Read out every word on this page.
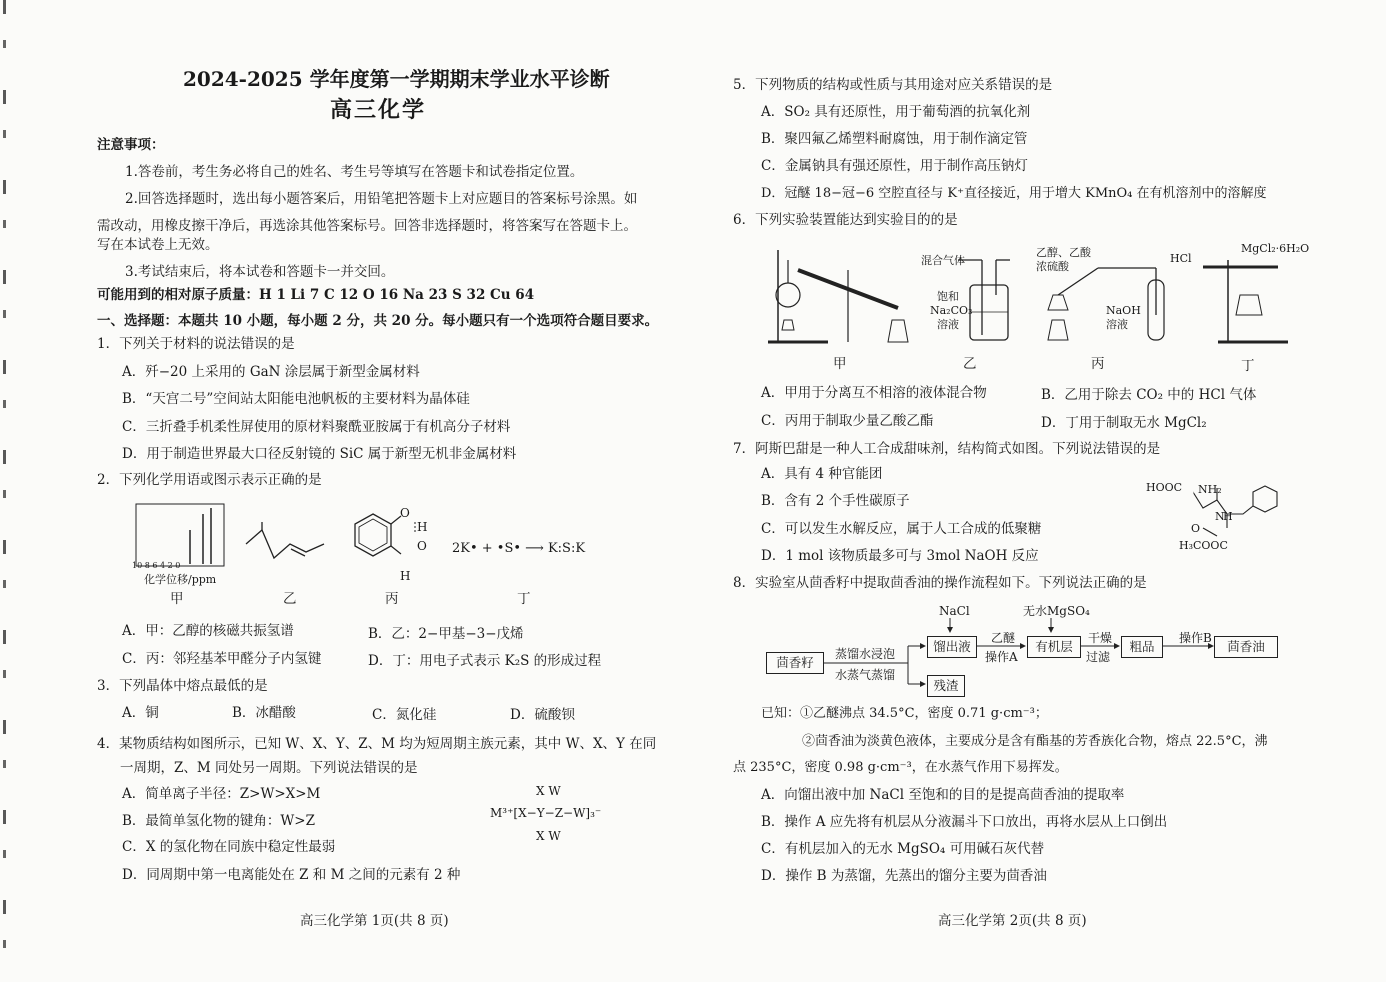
2024-2025 学年度第一学期期末学业水平诊断
高三化学
注意事项：
1.答卷前，考生务必将自己的姓名、考生号等填写在答题卡和试卷指定位置。
2.回答选择题时，选出每小题答案后，用铅笔把答题卡上对应题目的答案标号涂黑。如
需改动，用橡皮擦干净后，再选涂其他答案标号。回答非选择题时，将答案写在答题卡上。
写在本试卷上无效。
3.考试结束后，将本试卷和答题卡一并交回。
可能用到的相对原子质量：H 1 Li 7 C 12 O 16 Na 23 S 32 Cu 64
一、选择题：本题共 10 小题，每小题 2 分，共 20 分。每小题只有一个选项符合题目要求。
1．下列关于材料的说法错误的是
A．歼−20 上采用的 GaN 涂层属于新型金属材料
B．“天宫二号”空间站太阳能电池帆板的主要材料为晶体硅
C．三折叠手机柔性屏使用的原材料聚酰亚胺属于有机高分子材料
D．用于制造世界最大口径反射镜的 SiC 属于新型无机非金属材料
2．下列化学用语或图示表示正确的是
10 8 6 4 2 0
化学位移/ppm
O
H
O
H
2K• + •S• ⟶ K:S:K
甲	乙	丙	丁
A．甲：乙醇的核磁共振氢谱	B．乙：2−甲基−3−戊烯
C．丙：邻羟基苯甲醛分子内氢键	D．丁：用电子式表示 K₂S 的形成过程
3．下列晶体中熔点最低的是
A．铜	B．冰醋酸	C．氮化硅	D．硫酸钡
4．某物质结构如图所示，已知 W、X、Y、Z、M 均为短周期主族元素，其中 W、X、Y 在同
一周期，Z、M 同处另一周期。下列说法错误的是
A．简单离子半径：Z>W>X>M
B．最简单氢化物的键角：W>Z
C．X 的氢化物在同族中稳定性最弱
D．同周期中第一电离能处在 Z 和 M 之间的元素有 2 种
X W
M³⁺[X−Y−Z−W]₃⁻
X W
高三化学第 1页(共 8 页)
5．下列物质的结构或性质与其用途对应关系错误的是
A．SO₂ 具有还原性，用于葡萄酒的抗氧化剂
B．聚四氟乙烯塑料耐腐蚀，用于制作滴定管
C．金属钠具有强还原性，用于制作高压钠灯
D．冠醚 18−冠−6 空腔直径与 K⁺直径接近，用于增大 KMnO₄ 在有机溶剂中的溶解度
6．下列实验装置能达到实验目的的是
混合气体
饱和
Na₂CO₃
溶液
乙醇、乙酸
浓硫酸
NaOH
溶液
HCl
MgCl₂·6H₂O
甲	乙	丙	丁
A．甲用于分离互不相溶的液体混合物	B．乙用于除去 CO₂ 中的 HCl 气体
C．丙用于制取少量乙酸乙酯	D．丁用于制取无水 MgCl₂
7．阿斯巴甜是一种人工合成甜味剂，结构简式如图。下列说法错误的是
A．具有 4 种官能团
B．含有 2 个手性碳原子
C．可以发生水解反应，属于人工合成的低聚糖
D．1 mol 该物质最多可与 3mol NaOH 反应
HOOC NH₂
O
N
H
H₃COOC
8．实验室从茴香籽中提取茴香油的操作流程如下。下列说法正确的是
茴香籽
蒸馏水浸泡
水蒸气蒸馏
NaCl
馏出液
残渣
乙醚
操作A
无水MgSO₄
有机层
干燥
过滤
粗品
操作B
茴香油
已知：①乙醚沸点 34.5°C，密度 0.71 g·cm⁻³；
②茴香油为淡黄色液体，主要成分是含有酯基的芳香族化合物，熔点 22.5°C，沸
点 235°C，密度 0.98 g·cm⁻³，在水蒸气作用下易挥发。
A．向馏出液中加 NaCl 至饱和的目的是提高茴香油的提取率
B．操作 A 应先将有机层从分液漏斗下口放出，再将水层从上口倒出
C．有机层加入的无水 MgSO₄ 可用碱石灰代替
D．操作 B 为蒸馏，先蒸出的馏分主要为茴香油
高三化学第 2页(共 8 页)
